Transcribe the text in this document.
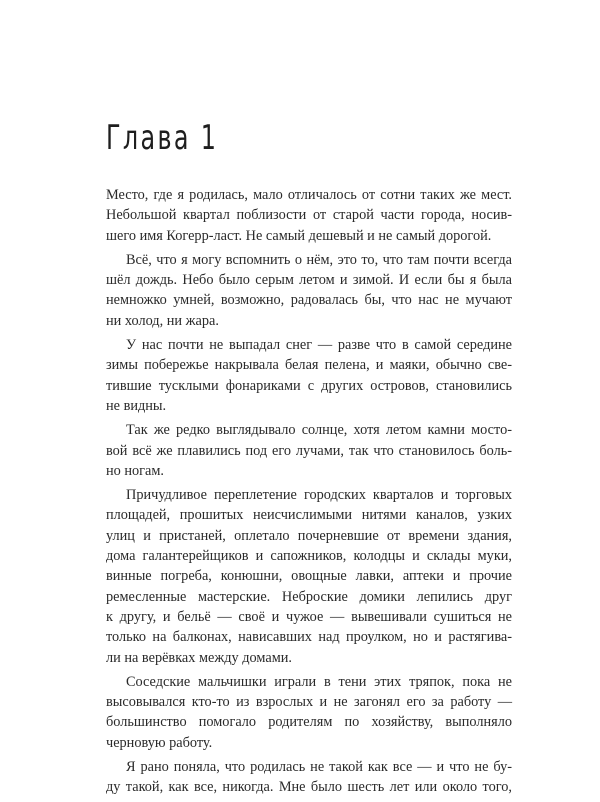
Глава 1
Место, где я родилась, мало отличалось от сотни таких же мест.
Небольшой квартал поблизости от старой части города, носив-
шего имя Когерр-ласт. Не самый дешевый и не самый дорогой.
Всё, что я могу вспомнить о нём, это то, что там почти всегда
шёл дождь. Небо было серым летом и зимой. И если бы я была
немножко умней, возможно, радовалась бы, что нас не мучают
ни холод, ни жара.
У нас почти не выпадал снег — разве что в самой середине
зимы побережье накрывала белая пелена, и маяки, обычно све-
тившие тусклыми фонариками с других островов, становились
не видны.
Так же редко выглядывало солнце, хотя летом камни мосто-
вой всё же плавились под его лучами, так что становилось боль-
но ногам.
Причудливое переплетение городских кварталов и торговых
площадей, прошитых неисчислимыми нитями каналов, узких
улиц и пристаней, оплетало почерневшие от времени здания,
дома галантерейщиков и сапожников, колодцы и склады муки,
винные погреба, конюшни, овощные лавки, аптеки и прочие
ремесленные мастерские. Неброские домики лепились друг
к другу, и бельё — своё и чужое — вывешивали сушиться не
только на балконах, нависавших над проулком, но и растягива-
ли на верёвках между домами.
Соседские мальчишки играли в тени этих тряпок, пока не
высовывался кто-то из взрослых и не загонял его за работу —
большинство помогало родителям по хозяйству, выполняло
черновую работу.
Я рано поняла, что родилась не такой как все — и что не бу-
ду такой, как все, никогда. Мне было шесть лет или около того,
